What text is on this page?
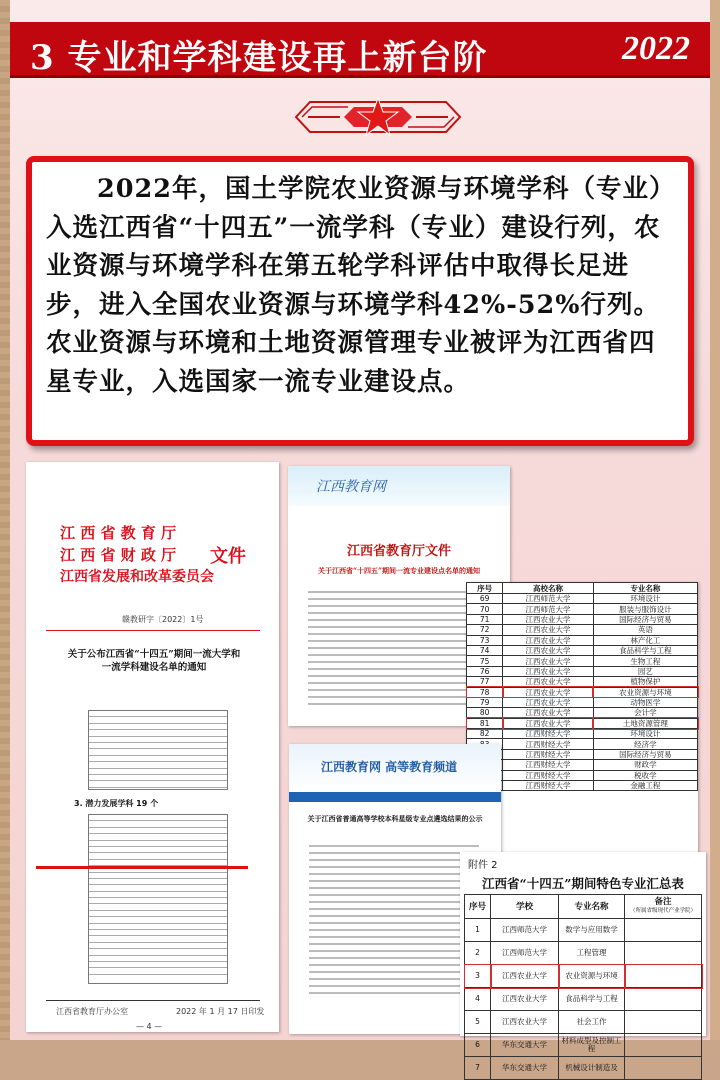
3 专业和学科建设再上新台阶	2022

2022年，国土学院农业资源与环境学科（专业）入选江西省“十四五”一流学科（专业）建设行列，农业资源与环境学科在第五轮学科评估中取得长足进步，进入全国农业资源与环境学科42%-52%行列。农业资源与环境和土地资源管理专业被评为江西省四星专业，入选国家一流专业建设点。

江 西 省 教 育 厅
江 西 省 财 政 厅
江西省发展和改革委员会
文件
赣教研字〔2022〕1号
关于公布江西省“十四五”期间一流大学和一流学科建设名单的通知
3. 潜力发展学科 19 个
江西省教育厅办公室	2022 年 1 月 17 日印发
— 4 —
江西教育网
江西省教育厅文件
关于江西省“十四五”期间一流专业建设点名单的通知
序号	高校名称	专业名称
69	江西师范大学	环境设计
70	江西师范大学	服装与服饰设计
71	江西农业大学	国际经济与贸易
72	江西农业大学	英语
73	江西农业大学	林产化工
74	江西农业大学	食品科学与工程
75	江西农业大学	生物工程
76	江西农业大学	园艺
77	江西农业大学	植物保护
78	江西农业大学	农业资源与环境
79	江西农业大学	动物医学
80	江西农业大学	会计学
81	江西农业大学	土地资源管理
82	江西财经大学	环境设计
	江西财经大学	经济学
	江西财经大学	国际经济与贸易
	江西财经大学	财政学
	江西财经大学	税收学
	江西财经大学	金融工程
江西教育网 高等教育频道
关于江西省普通高等学校本科星级专业点遴选结果的公示
附件 2
江西省“十四五”期间特色专业汇总表
序号	学校	专业名称	备注
（所属省级现代产业学院）
1	江西师范大学	数学与应用数学	
2	江西师范大学	工程管理	
3	江西农业大学	农业资源与环境	
4	江西农业大学	食品科学与工程	
5	江西农业大学	社会工作	
6	华东交通大学	材料成型及控制工程	
7	华东交通大学	机械设计制造及	
